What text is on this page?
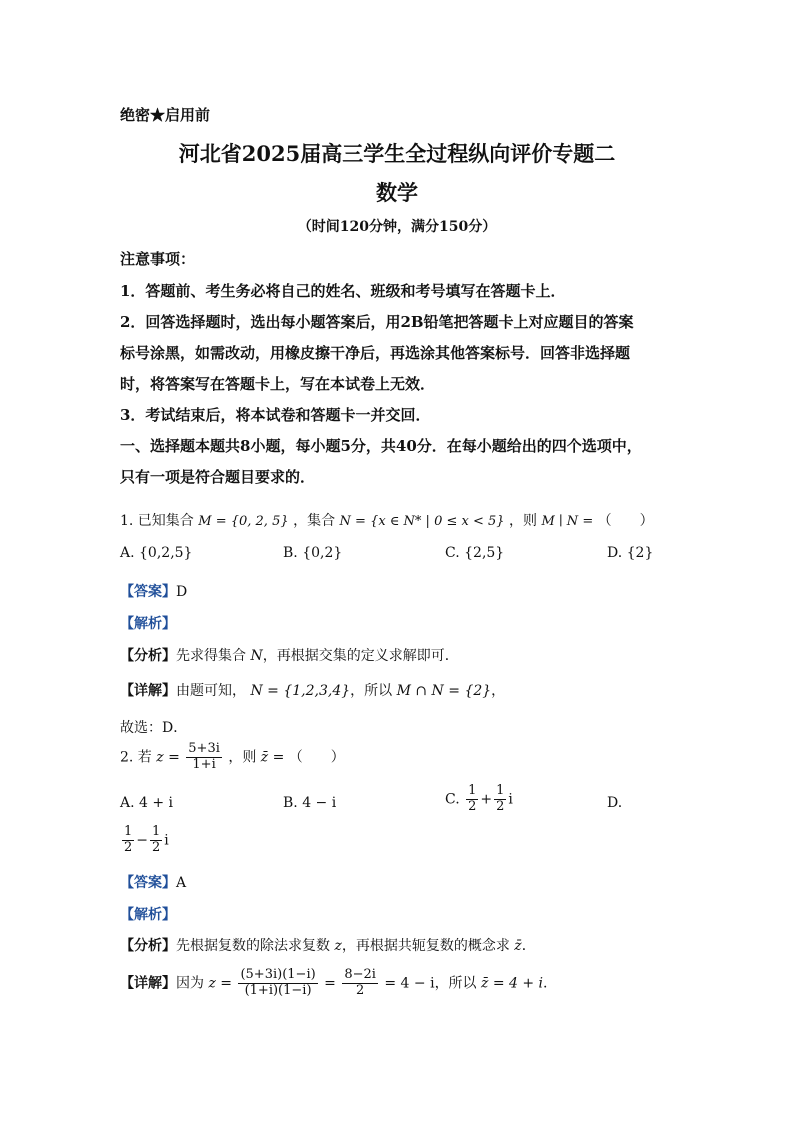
绝密★启用前
河北省2025届高三学生全过程纵向评价专题二
数学
（时间120分钟，满分150分）
注意事项：
1．答题前、考生务必将自己的姓名、班级和考号填写在答题卡上．
2．回答选择题时，选出每小题答案后，用2B铅笔把答题卡上对应题目的答案
标号涂黑，如需改动，用橡皮擦干净后，再选涂其他答案标号．回答非选择题
时，将答案写在答题卡上，写在本试卷上无效．
3．考试结束后，将本试卷和答题卡一并交回．
一、选择题本题共8小题，每小题5分，共40分．在每小题给出的四个选项中，
只有一项是符合题目要求的．
1. 已知集合 M = {0, 2, 5} ，集合 N = {x ∈ N* | 0 ≤ x < 5} ，则 M ∣ N = （　　）
A. {0,2,5}	B. {0,2}	C. {2,5}	D. {2}
【答案】D
【解析】
【分析】先求得集合 N，再根据交集的定义求解即可．
【详解】由题可知， N = {1,2,3,4}，所以 M ∩ N = {2}，
故选：D．
2. 若 $z = \frac{5+3i}{1+i}$ ，则 z̄ = （　　）
A. 4 + i	B. 4 − i	C. $\frac{1}{2} + \frac{1}{2}$ i	D.
$\frac{1}{2} - \frac{1}{2}$ i
【答案】A
【解析】
【分析】先根据复数的除法求复数 z，再根据共轭复数的概念求 z̄．
【详解】因为 $z = \frac{(5+3i)(1-i)}{(1+i)(1-i)} = \frac{8-2i}{2} = 4 - i$，所以 z̄ = 4 + i.
